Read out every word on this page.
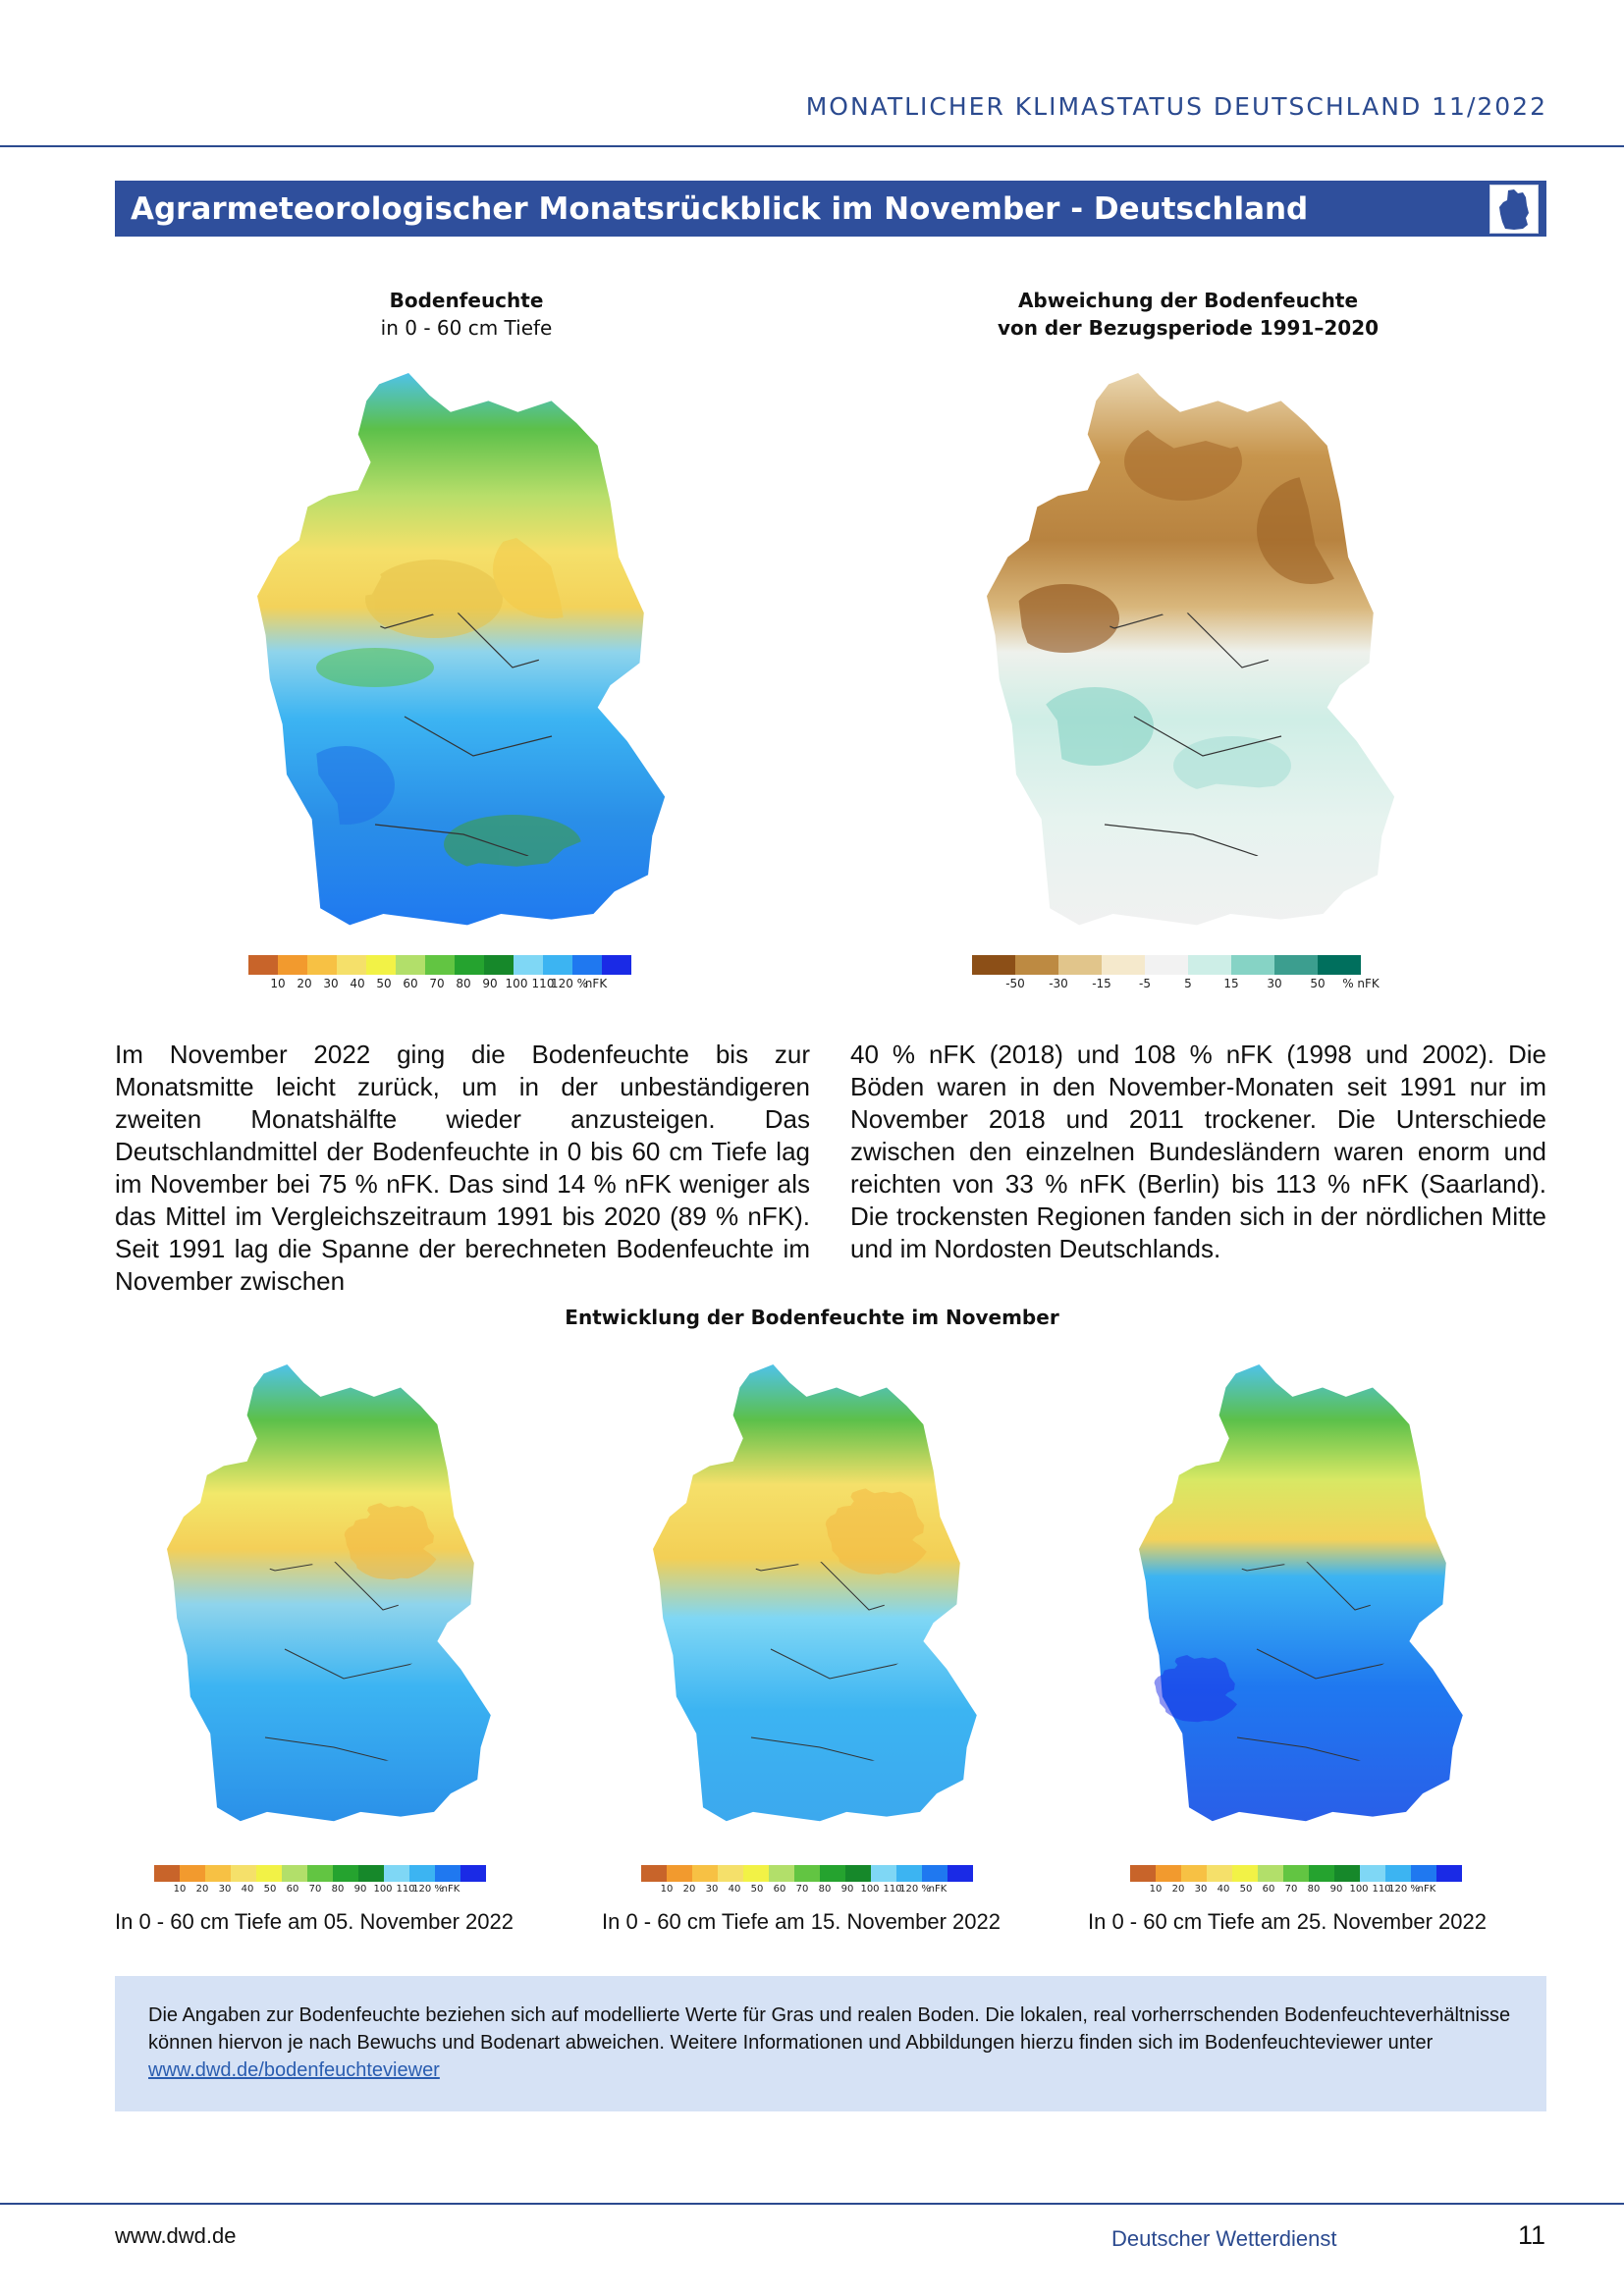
MONATLICHER KLIMASTATUS DEUTSCHLAND 11/2022
Agrarmeteorologischer Monatsrückblick im November - Deutschland
Bodenfeuchte
in 0 - 60 cm Tiefe
Abweichung der Bodenfeuchte
von der Bezugsperiode 1991–2020
10 20 30 40 50 60 70 80 90 100 110
120 %
nFK	-50 -30 -15 -5	5	15 30 50 % nFK
Im November 2022 ging die Bodenfeuchte bis zur Monatsmitte leicht zurück, um in der unbeständigeren zweiten Monatshälfte wieder anzusteigen. Das Deutschlandmittel der Bodenfeuchte in 0 bis 60 cm Tiefe lag im November bei 75 % nFK. Das sind 14 % nFK weniger als das Mittel im Vergleichszeitraum 1991 bis 2020 (89 % nFK). Seit 1991 lag die Spanne der berechneten Bodenfeuchte im November zwischen
40 % nFK (2018) und 108 % nFK (1998 und 2002). Die Böden waren in den November-Monaten seit 1991 nur im November 2018 und 2011 trockener. Die Unterschiede zwischen den einzelnen Bundesländern waren enorm und reichten von 33 % nFK (Berlin) bis 113 % nFK (Saarland). Die trockensten Regionen fanden sich in der nördlichen Mitte und im Nordosten Deutschlands.
Entwicklung der Bodenfeuchte im November
10 20 30 40 50 60 70 80 90 100 110
120 %
nFK	10 20 30 40 50 60 70 80 90 100 110
120 %
nFK	10 20 30 40 50 60 70 80 90 100 110
120 %
nFK
In 0 - 60 cm Tiefe am 05. November 2022	In 0 - 60 cm Tiefe am 15. November 2022	In 0 - 60 cm Tiefe am 25. November 2022
Die Angaben zur Bodenfeuchte beziehen sich auf modellierte Werte für Gras und realen Boden. Die lokalen, real vorherrschenden Bodenfeuchteverhältnisse können hiervon je nach Bewuchs und Bodenart abweichen. Weitere Informationen und Abbildungen hierzu finden sich im Bodenfeuchteviewer unter www.dwd.de/bodenfeuchteviewer
www.dwd.de	Deutscher Wetterdienst	11
